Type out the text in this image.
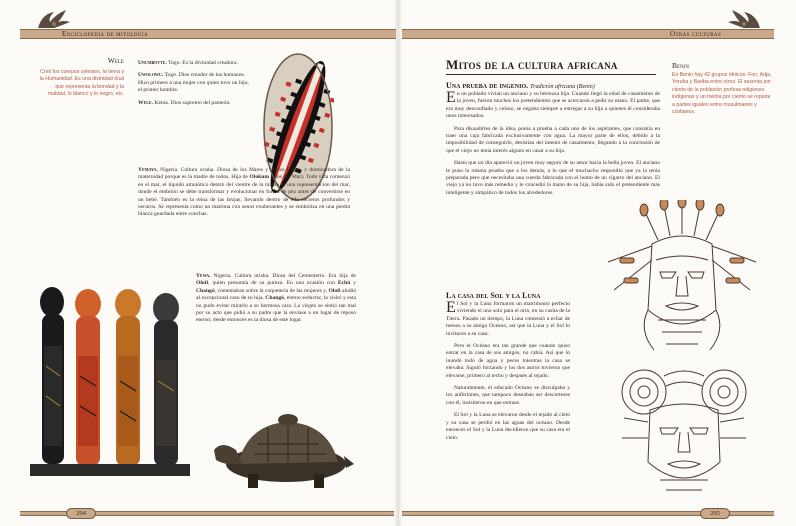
Enciclopedia de mitología
Wele
Creó los cuerpos celestes, la tierra y la Humanidad. Es una divinidad dual que representa la bondad y la maldad, lo blanco y lo negro, etc.

Unumbotte. Togo. Es la divinidad creadora.

Uwolowu. Togo. Dios creador de los humanos. Hizo primero a una mujer con quien tuvo un hijo, el primer hombre.

Wele. Kenia. Dios supremo del panteón.

Yemaya. Nigeria. Cultura orisha. Diosa de los Mares y de los Lagos, y dominadora de la maternidad porque es la madre de todos. Hija de Olokum (dios del Mar). Toda vida comenzó en el mar, el líquido amniótico dentro del vientre de la madre es una representación del mar, donde el embrión se debe transformar y evolucionar en forma de pez antes de convertirse en un bebé. También es la reina de las brujas, llevando dentro de ella secretos profundos y oscuros. Se representa como un matrona con senos exuberantes y se simboliza en una piedra blanca guardada entre conchas.
Yewa. Nigeria. Cultura orisha. Diosa del Cementerio. Era hija de Olofi, quien presumía de su pureza. En una ocasión con Echú y Changó, comentaban sobre la coquetería de las mujeres y, Olofi aludió al excepcional caso de su hija. Changó, eterno seductor, la visitó y esta no pudo evitar mirarlo a su hermosa cara. La virgen se sintió tan mal por su acto que pidió a su padre que la enviase a un lugar de reposo eterno; desde entonces es la diosa de este lugar.
294
Otras culturas
Mitos de la cultura africana
Una prueba de ingenio. Tradición africana (Benin)

En un poblado vivían un anciano y su hermosa hija. Cuando llegó la edad de casamiento de la joven, fueron muchos los pretendientes que se acercaron a pedir su mano. El padre, que era muy desconfiado y celoso, se negaba siempre a entregar a su hija a quienes él consideraba unos interesados.

Para disuadirles de la idea, ponía a prueba a cada uno de los aspirantes, que consistía en traer una caja fabricada exclusivamente con agua. La mayor parte de ellos, debido a la imposibilidad de conseguirlo, desistían del intento de casamiento, llegando a la conclusión de que el viejo no tenía interés alguno en casar a su hija.

Hasta que un día apareció un joven muy seguro de su amor hacia la bella joven. El anciano le puso la misma prueba que a los demás, a lo que el muchacho respondió que ya la tenía preparada pero que necesitaba una cuerda fabricada con el humo de un cigarro del anciano. El viejo ya no tuvo más remedio y le concedió la mano de su hija, había sido el pretendiente más inteligente y simpático de todos los alrededores.

La casa del Sol y la Luna

El Sol y la Luna formaron un matrimonio perfecto viviendo el uno solo para el otro, en su casita de la Tierra. Pasado un tiempo, la Luna comenzó a echar de menos a su amigo Océano, así que la Luna y el Sol lo invitaron a su casa.

Pero el Océano era tan grande que cuando quiso entrar en la casa de sus amigos, no cabía. Así que lo inundó todo de agua y peces mientras la casa se elevaba. Siguió forzando y los dos astros tuvieron que elevarse, primero al techo y después al tejado.

Naturalmente, el educado Océano se disculpaba y los anfitriones, que tampoco deseaban ser descorteses con él, insistieron en que entrase.

El Sol y la Luna se elevaron desde el tejado al cielo y su casa se perdió en las aguas del océano. Desde entonces el Sol y la Luna decidieron que su casa era el cielo.

Benin
En Benin hay 42 grupos étnicos: Fon, Adja, Yoruba y Bariba entre otros. El sesenta por ciento de la población profesa religiones indígenas y un treinta por ciento se reparte a partes iguales entre musulmanes y cristianos.
295
